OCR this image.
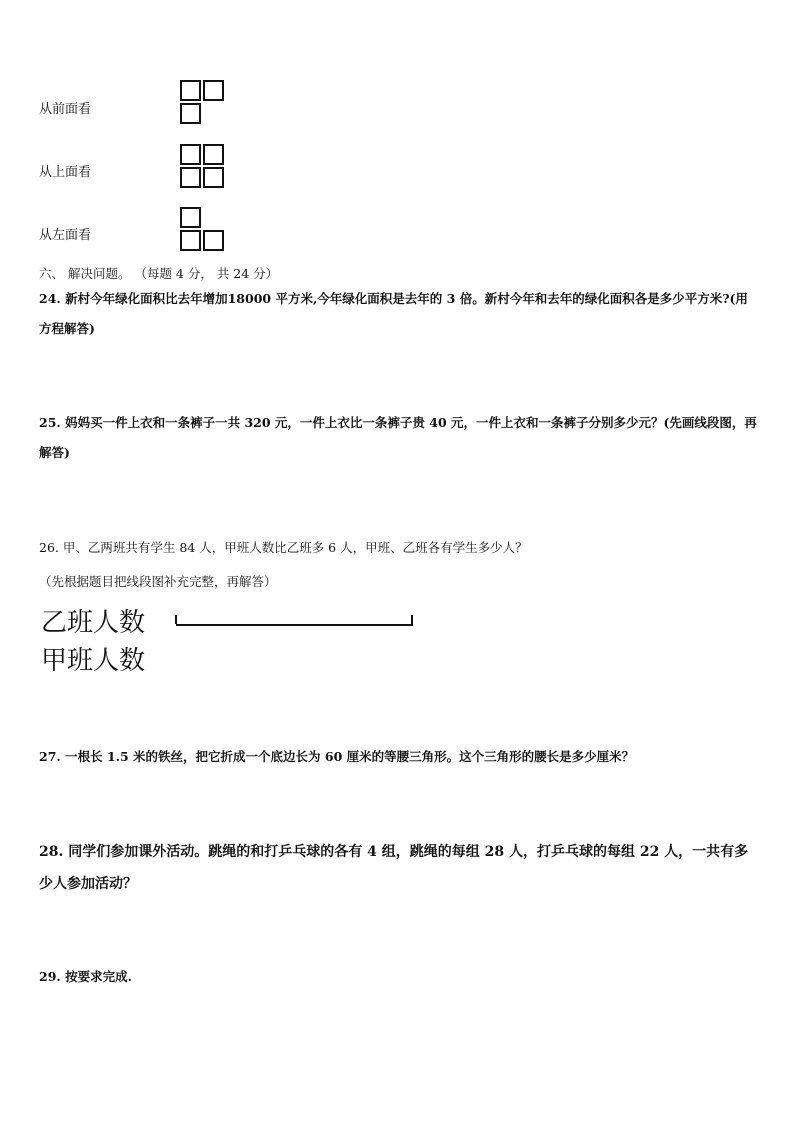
从前面看
从上面看
从左面看
六、 解决问题。 （每题 4 分， 共 24 分）
24. 新村今年绿化面积比去年增加18000 平方米,今年绿化面积是去年的 3 倍。新村今年和去年的绿化面积各是多少平方米?(用方程解答)
25. 妈妈买一件上衣和一条裤子一共 320 元，一件上衣比一条裤子贵 40 元，一件上衣和一条裤子分别多少元？(先画线段图，再解答)
26. 甲、乙两班共有学生 84 人，甲班人数比乙班多 6 人，甲班、乙班各有学生多少人？
（先根据题目把线段图补充完整，再解答）
乙班人数
甲班人数
27. 一根长 1.5 米的铁丝，把它折成一个底边长为 60 厘米的等腰三角形。这个三角形的腰长是多少厘米？
28. 同学们参加课外活动。跳绳的和打乒乓球的各有 4 组，跳绳的每组 28 人，打乒乓球的每组 22 人，一共有多少人参加活动？
29. 按要求完成.
